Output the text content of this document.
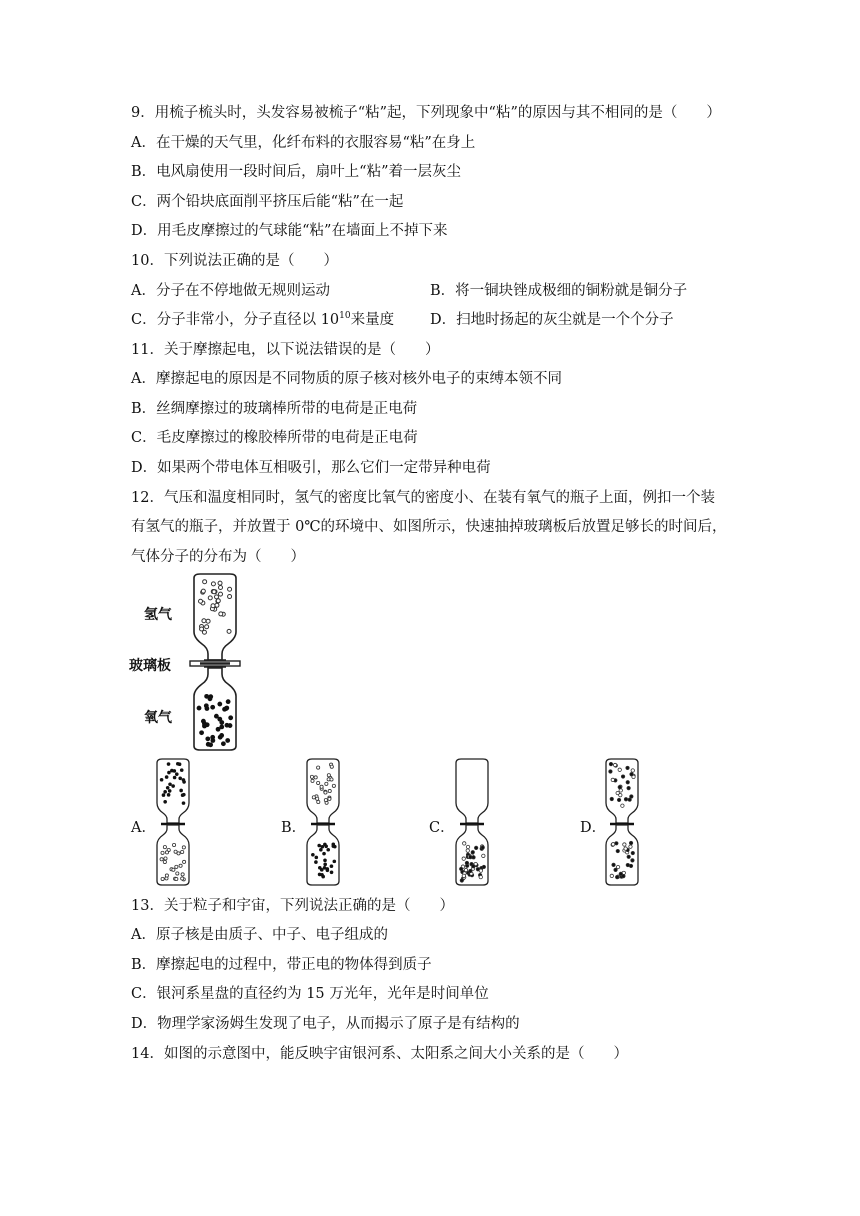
9．用梳子梳头时，头发容易被梳子“粘”起，下列现象中“粘”的原因与其不相同的是（　　）
A．在干燥的天气里，化纤布料的衣服容易“粘”在身上
B．电风扇使用一段时间后，扇叶上“粘”着一层灰尘
C．两个铅块底面削平挤压后能“粘”在一起
D．用毛皮摩擦过的气球能“粘”在墙面上不掉下来
10．下列说法正确的是（　　）
A．分子在不停地做无规则运动	B．将一铜块锉成极细的铜粉就是铜分子
C．分子非常小，分子直径以 $10^{10}$来量度 D．扫地时扬起的灰尘就是一个个分子
11．关于摩擦起电，以下说法错误的是（　　）
A．摩擦起电的原因是不同物质的原子核对核外电子的束缚本领不同
B．丝绸摩擦过的玻璃棒所带的电荷是正电荷
C．毛皮摩擦过的橡胶棒所带的电荷是正电荷
D．如果两个带电体互相吸引，那么它们一定带异种电荷
12．气压和温度相同时，氢气的密度比氧气的密度小、在装有氧气的瓶子上面，例扣一个装
有氢气的瓶子，并放置于 0℃的环境中、如图所示，快速抽掉玻璃板后放置足够长的时间后，
气体分子的分布为（　　）
氢气
玻璃板
氧气
A．	B．	C．	D．
13．关于粒子和宇宙，下列说法正确的是（　　）
A．原子核是由质子、中子、电子组成的
B．摩擦起电的过程中，带正电的物体得到质子
C．银河系星盘的直径约为 15 万光年，光年是时间单位
D．物理学家汤姆生发现了电子，从而揭示了原子是有结构的
14．如图的示意图中，能反映宇宙银河系、太阳系之间大小关系的是（　　）
